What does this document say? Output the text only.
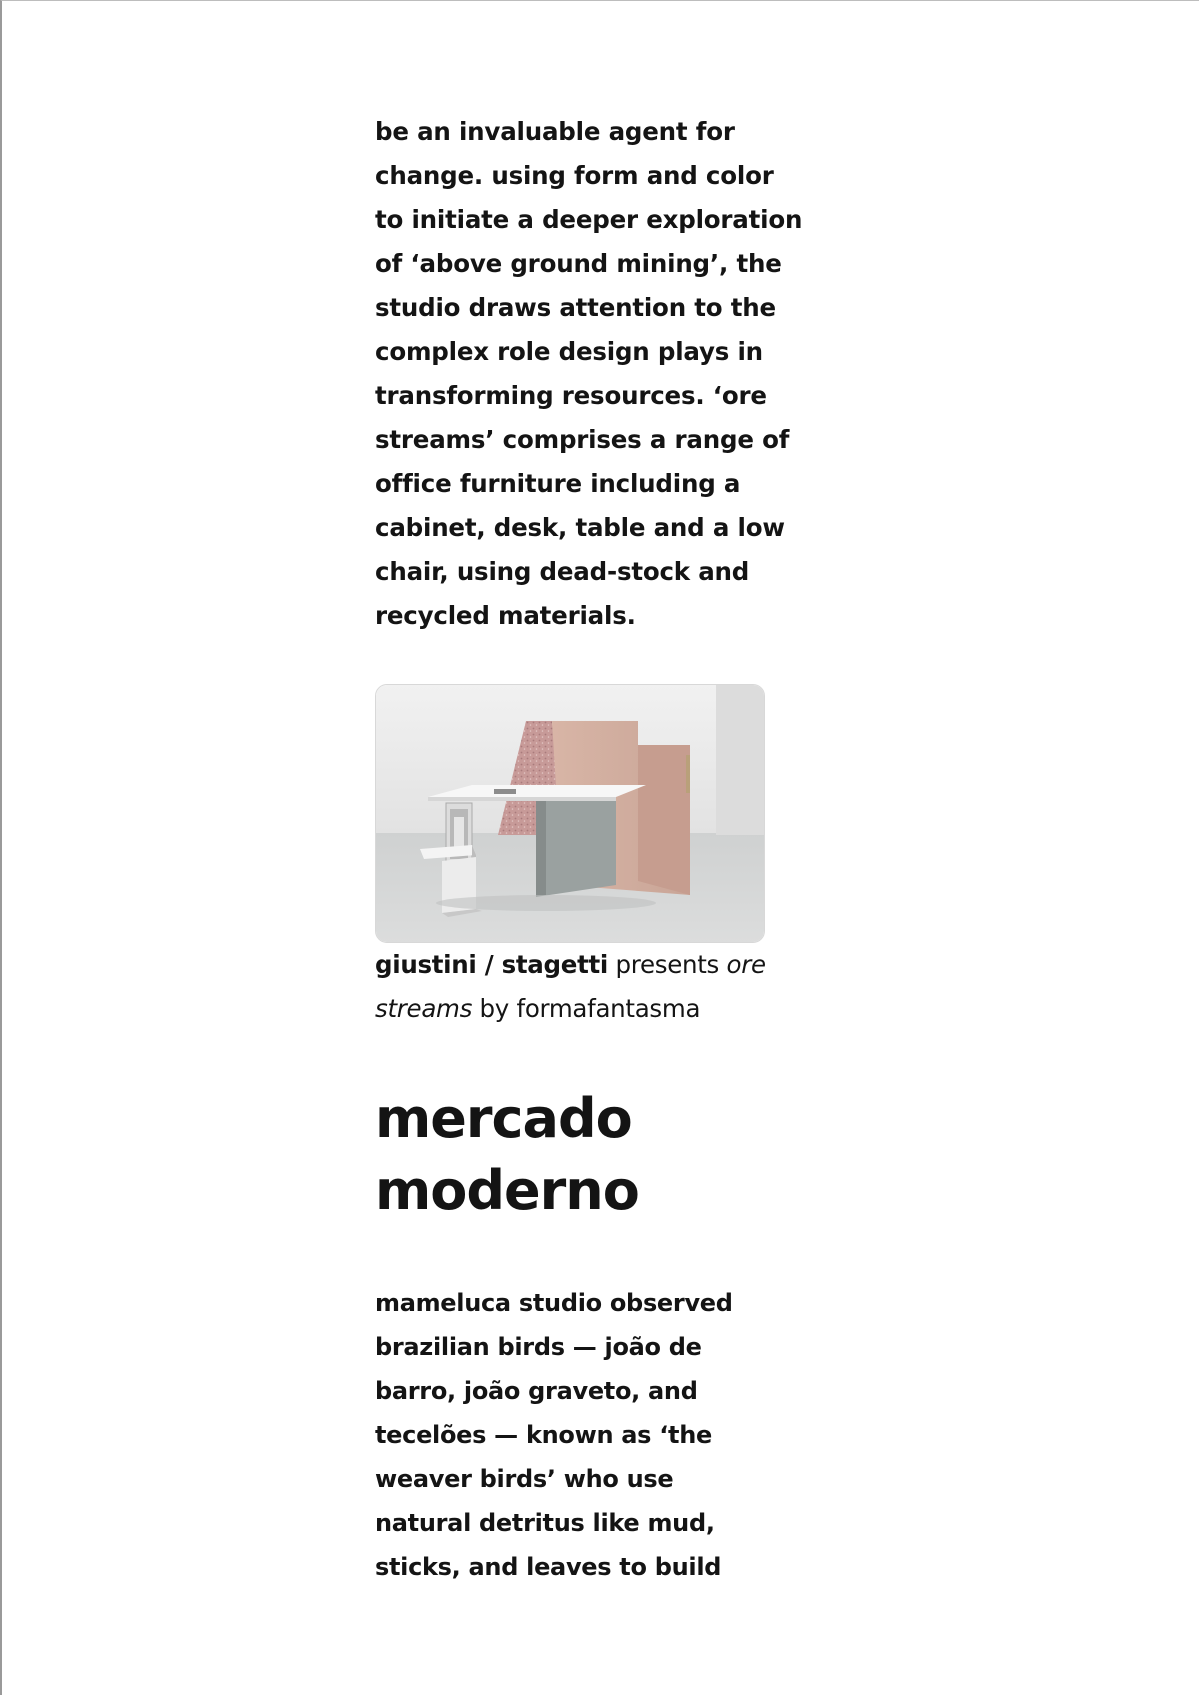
be an invaluable agent for
change. using form and color
to initiate a deeper exploration
of ‘above ground mining’, the
studio draws attention to the
complex role design plays in
transforming resources. ‘ore
streams’ comprises a range of
office furniture including a
cabinet, desk, table and a low
chair, using dead-stock and
recycled materials.

giustini / stagetti presents ore
streams by formafantasma

mercado
moderno

mameluca studio observed
brazilian birds — joão de
barro, joão graveto, and
tecelões — known as ‘the
weaver birds’ who use
natural detritus like mud,
sticks, and leaves to build
